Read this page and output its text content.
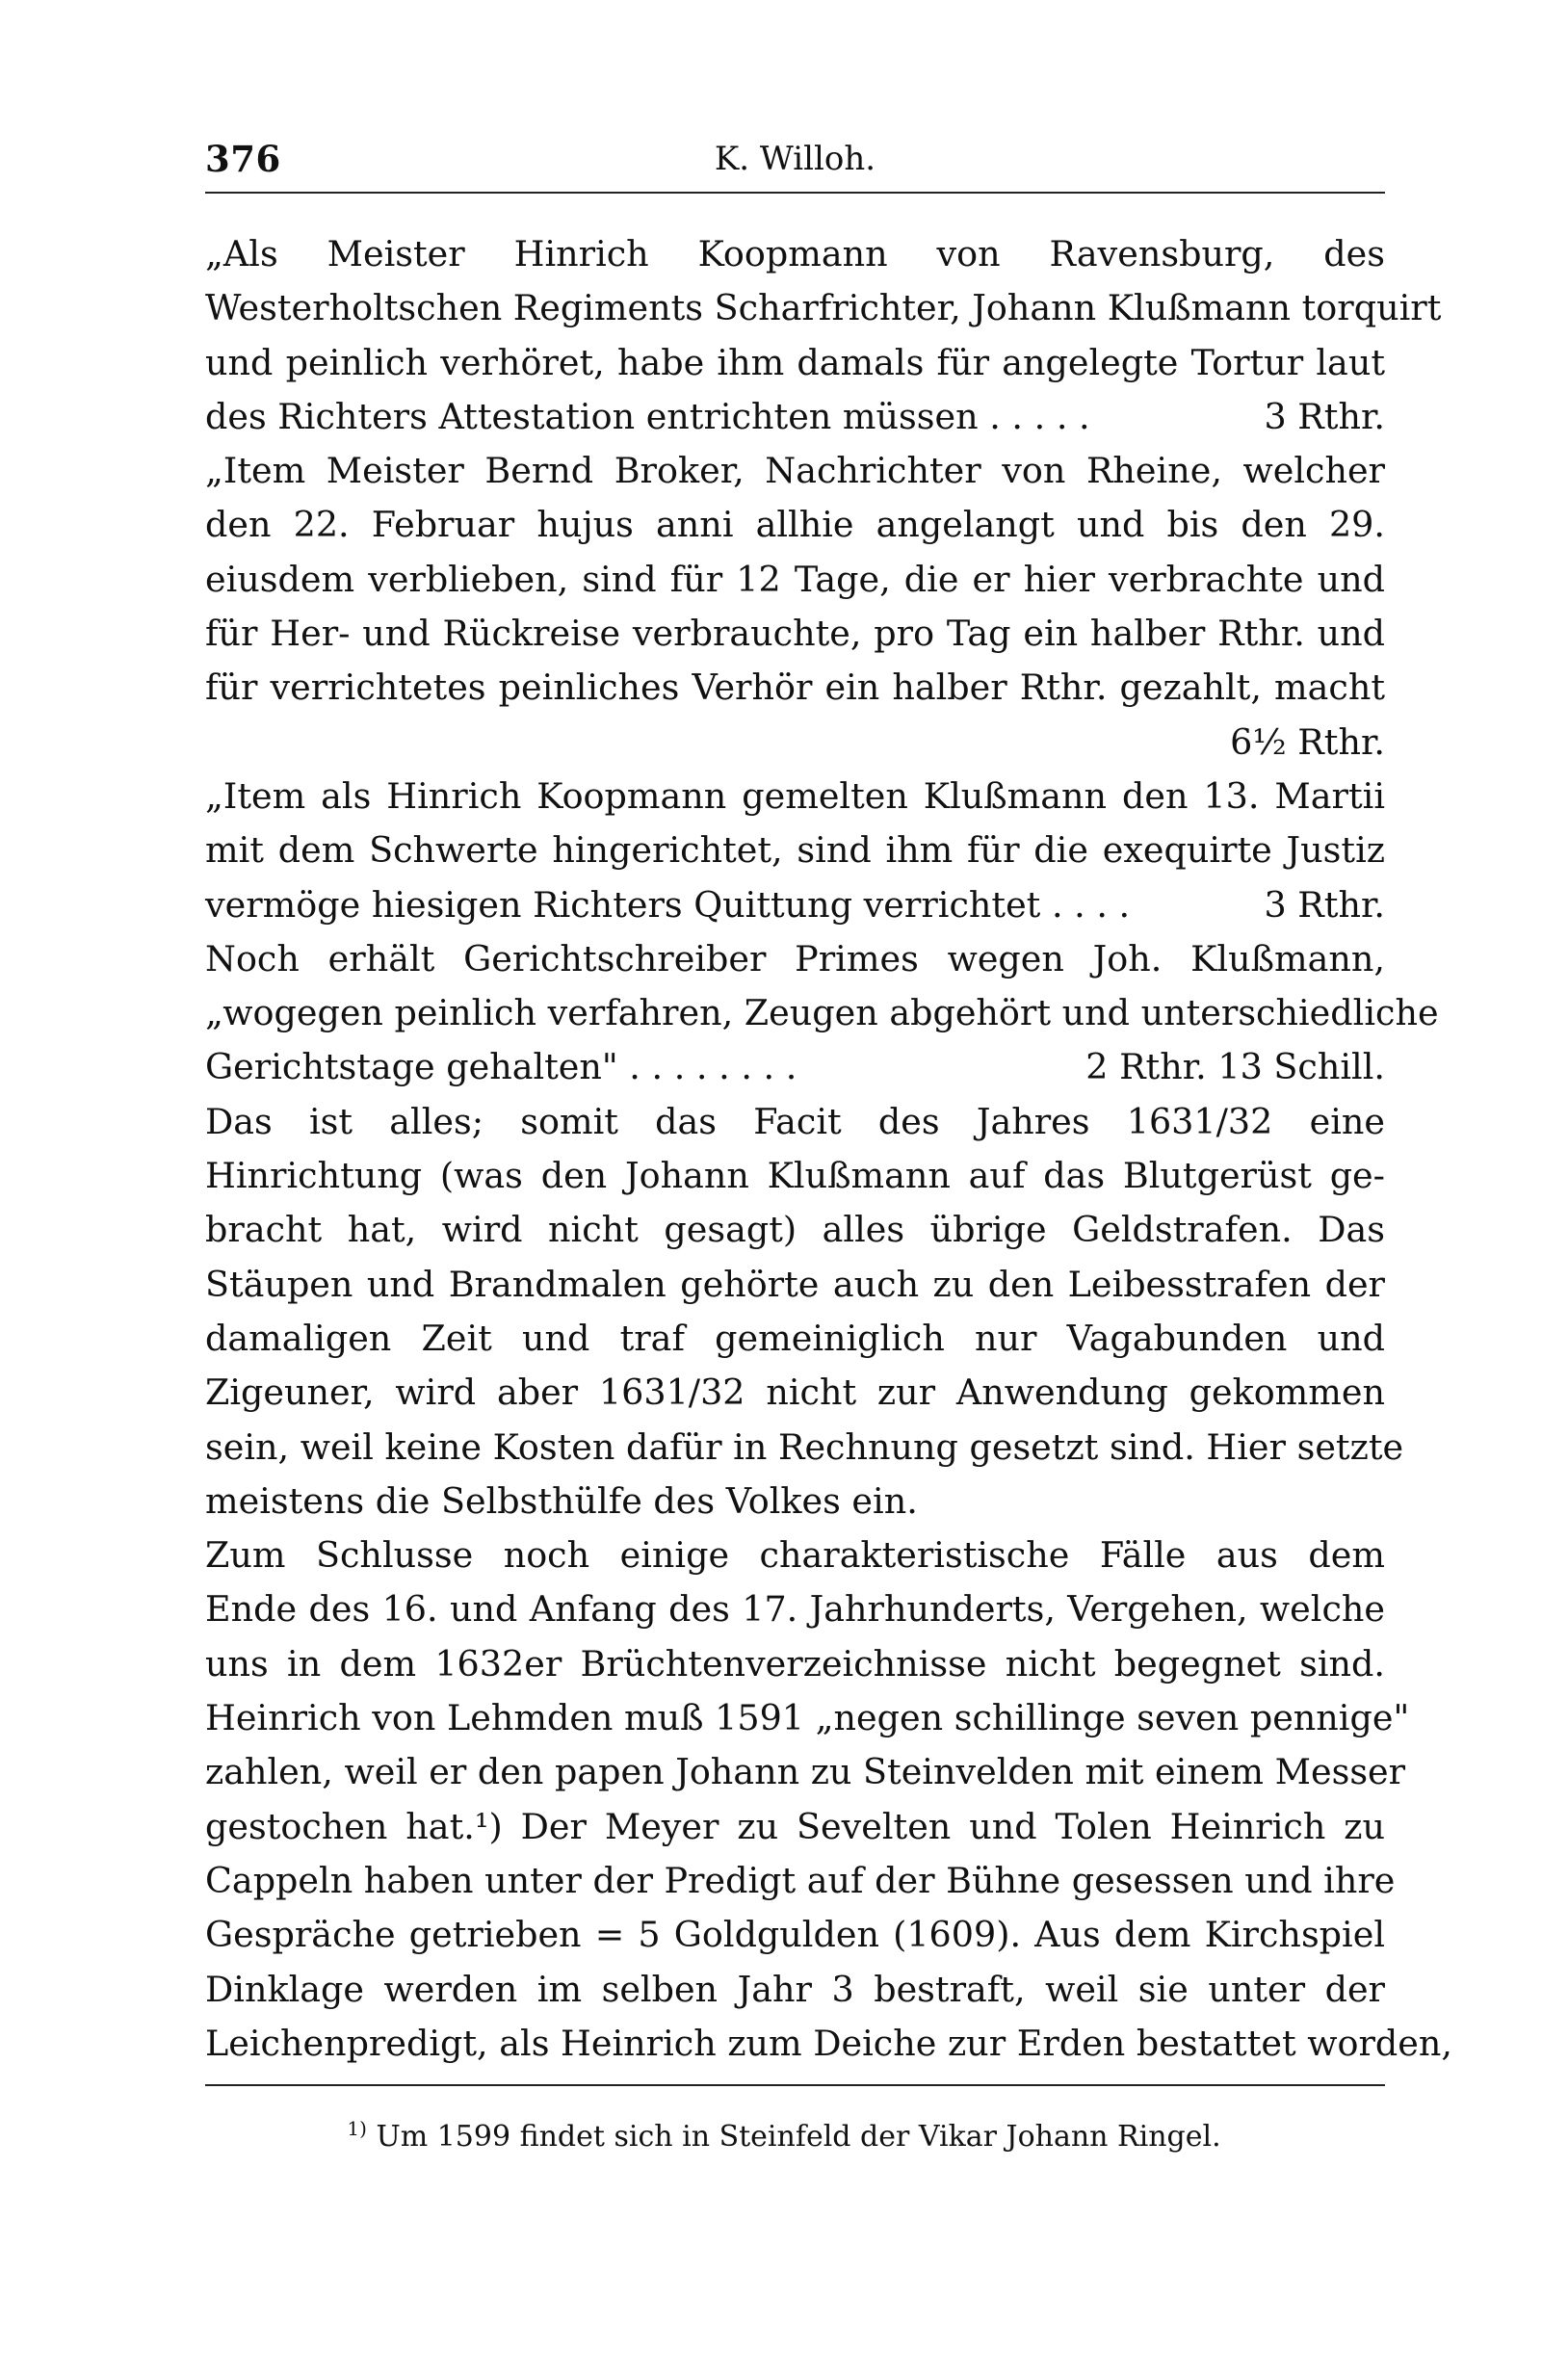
376	K. Willoh.
„Als Meister Hinrich Koopmann von Ravensburg, des
Westerholtschen Regiments Scharfrichter, Johann Klußmann torquirt
und peinlich verhöret, habe ihm damals für angelegte Tortur laut
des Richters Attestation entrichten müssen . . . . .	3 Rthr.
„Item Meister Bernd Broker, Nachrichter von Rheine, welcher
den 22. Februar hujus anni allhie angelangt und bis den 29.
eiusdem verblieben, sind für 12 Tage, die er hier verbrachte und
für Her- und Rückreise verbrauchte, pro Tag ein halber Rthr. und
für verrichtetes peinliches Verhör ein halber Rthr. gezahlt, macht
6½ Rthr.
„Item als Hinrich Koopmann gemelten Klußmann den 13. Martii
mit dem Schwerte hingerichtet, sind ihm für die exequirte Justiz
vermöge hiesigen Richters Quittung verrichtet . . . .	3 Rthr.
Noch erhält Gerichtschreiber Primes wegen Joh. Klußmann,
„wogegen peinlich verfahren, Zeugen abgehört und unterschiedliche
Gerichtstage gehalten" . . . . . . . .	2 Rthr. 13 Schill.
Das ist alles; somit das Facit des Jahres 1631/32 eine
Hinrichtung (was den Johann Klußmann auf das Blutgerüst ge-
bracht hat, wird nicht gesagt) alles übrige Geldstrafen. Das
Stäupen und Brandmalen gehörte auch zu den Leibesstrafen der
damaligen Zeit und traf gemeiniglich nur Vagabunden und
Zigeuner, wird aber 1631/32 nicht zur Anwendung gekommen
sein, weil keine Kosten dafür in Rechnung gesetzt sind. Hier setzte
meistens die Selbsthülfe des Volkes ein.
Zum Schlusse noch einige charakteristische Fälle aus dem
Ende des 16. und Anfang des 17. Jahrhunderts, Vergehen, welche
uns in dem 1632er Brüchtenverzeichnisse nicht begegnet sind.
Heinrich von Lehmden muß 1591 „negen schillinge seven pennige"
zahlen, weil er den papen Johann zu Steinvelden mit einem Messer
gestochen hat.¹) Der Meyer zu Sevelten und Tolen Heinrich zu
Cappeln haben unter der Predigt auf der Bühne gesessen und ihre
Gespräche getrieben = 5 Goldgulden (1609). Aus dem Kirchspiel
Dinklage werden im selben Jahr 3 bestraft, weil sie unter der
Leichenpredigt, als Heinrich zum Deiche zur Erden bestattet worden,
$^{1)}$ Um 1599 findet sich in Steinfeld der Vikar Johann Ringel.
